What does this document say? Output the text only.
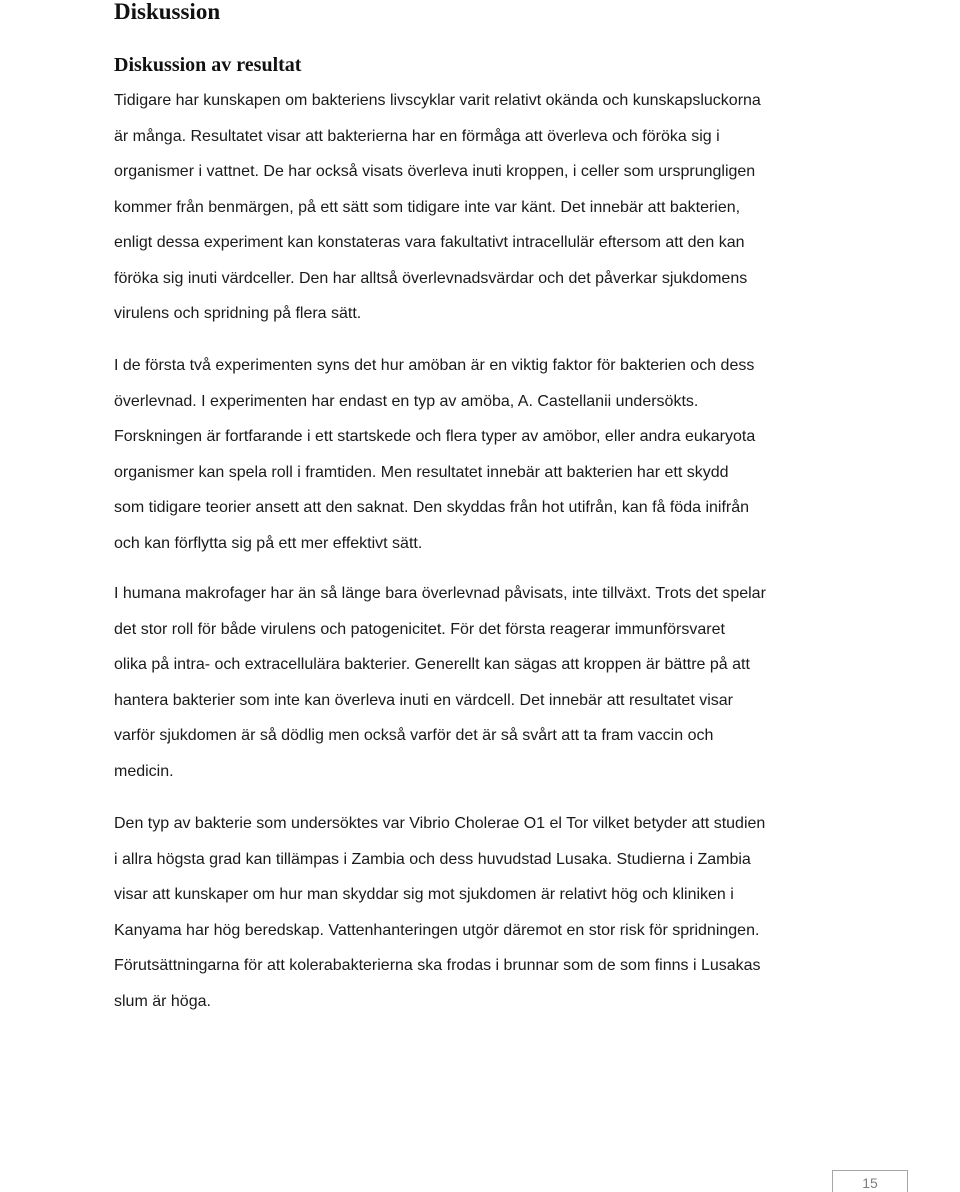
Diskussion
Diskussion av resultat
Tidigare har kunskapen om bakteriens livscyklar varit relativt okända och kunskapsluckorna
är många. Resultatet visar att bakterierna har en förmåga att överleva och föröka sig i
organismer i vattnet. De har också visats överleva inuti kroppen, i celler som ursprungligen
kommer från benmärgen, på ett sätt som tidigare inte var känt. Det innebär att bakterien,
enligt dessa experiment kan konstateras vara fakultativt intracellulär eftersom att den kan
föröka sig inuti värdceller. Den har alltså överlevnadsvärdar och det påverkar sjukdomens
virulens och spridning på flera sätt.
I de första två experimenten syns det hur amöban är en viktig faktor för bakterien och dess
överlevnad. I experimenten har endast en typ av amöba, A. Castellanii undersökts.
Forskningen är fortfarande i ett startskede och flera typer av amöbor, eller andra eukaryota
organismer kan spela roll i framtiden. Men resultatet innebär att bakterien har ett skydd
som tidigare teorier ansett att den saknat. Den skyddas från hot utifrån, kan få föda inifrån
och kan förflytta sig på ett mer effektivt sätt.
I humana makrofager har än så länge bara överlevnad påvisats, inte tillväxt. Trots det spelar
det stor roll för både virulens och patogenicitet. För det första reagerar immunförsvaret
olika på intra- och extracellulära bakterier. Generellt kan sägas att kroppen är bättre på att
hantera bakterier som inte kan överleva inuti en värdcell. Det innebär att resultatet visar
varför sjukdomen är så dödlig men också varför det är så svårt att ta fram vaccin och
medicin.
Den typ av bakterie som undersöktes var Vibrio Cholerae O1 el Tor vilket betyder att studien
i allra högsta grad kan tillämpas i Zambia och dess huvudstad Lusaka. Studierna i Zambia
visar att kunskaper om hur man skyddar sig mot sjukdomen är relativt hög och kliniken i
Kanyama har hög beredskap. Vattenhanteringen utgör däremot en stor risk för spridningen.
Förutsättningarna för att kolerabakterierna ska frodas i brunnar som de som finns i Lusakas
slum är höga.
15
